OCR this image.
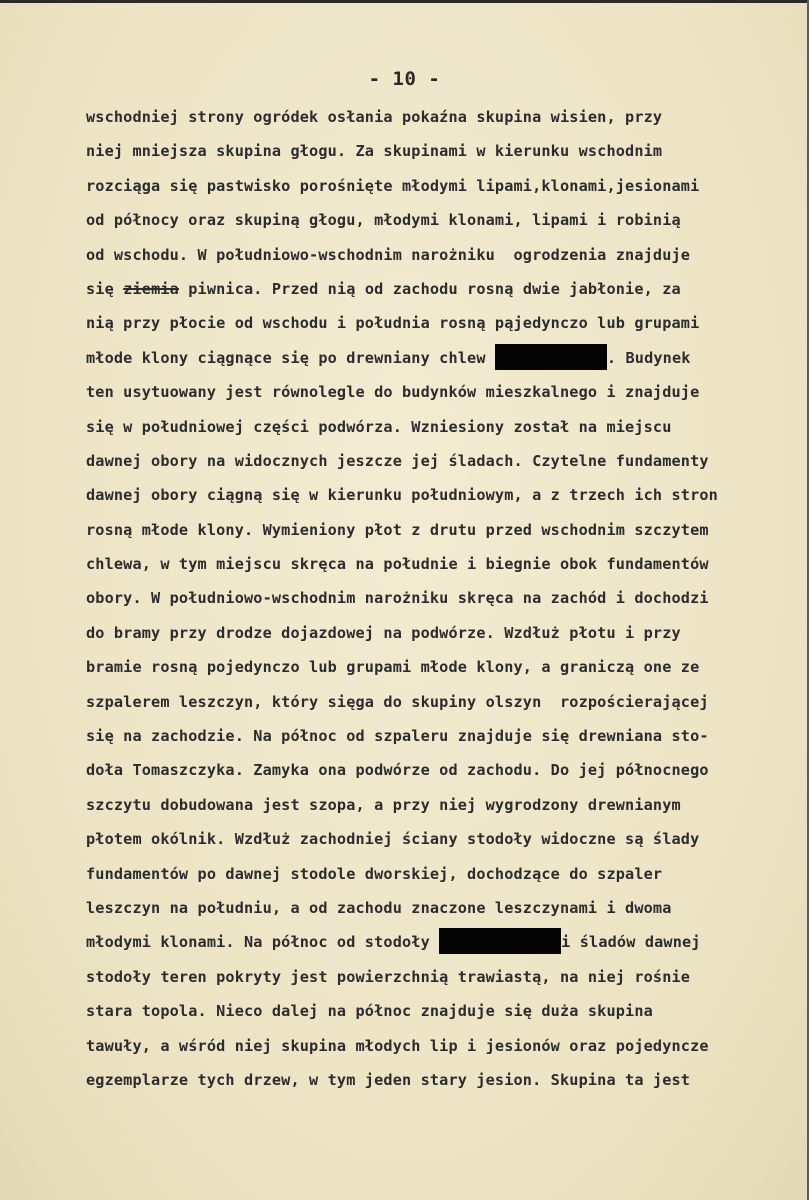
- 10 -
wschodniej strony ogródek osłania pokaźna skupina wisien, przy
niej mniejsza skupina głogu. Za skupinami w kierunku wschodnim
rozciąga się pastwisko porośnięte młodymi lipami,klonami,jesionami
od północy oraz skupiną głogu, młodymi klonami, lipami i robinią
od wschodu. W południowo-wschodnim narożniku  ogrodzenia znajduje
się ziemia piwnica. Przed nią od zachodu rosną dwie jabłonie, za
nią przy płocie od wschodu i południa rosną pąjedynczo lub grupami
młode klony ciągnące się po drewniany chlew	. Budynek
ten usytuowany jest równolegle do budynków mieszkalnego i znajduje
się w południowej części podwórza. Wzniesiony został na miejscu
dawnej obory na widocznych jeszcze jej śladach. Czytelne fundamenty
dawnej obory ciągną się w kierunku południowym, a z trzech ich stron
rosną młode klony. Wymieniony płot z drutu przed wschodnim szczytem
chlewa, w tym miejscu skręca na południe i biegnie obok fundamentów
obory. W południowo-wschodnim narożniku skręca na zachód i dochodzi
do bramy przy drodze dojazdowej na podwórze. Wzdłuż płotu i przy
bramie rosną pojedynczo lub grupami młode klony, a graniczą one ze
szpalerem leszczyn, który sięga do skupiny olszyn  rozpościerającej
się na zachodzie. Na północ od szpaleru znajduje się drewniana sto-
doła Tomaszczyka. Zamyka ona podwórze od zachodu. Do jej północnego
szczytu dobudowana jest szopa, a przy niej wygrodzony drewnianym
płotem okólnik. Wzdłuż zachodniej ściany stodoły widoczne są ślady
fundamentów po dawnej stodole dworskiej, dochodzące do szpaler
leszczyn na południu, a od zachodu znaczone leszczynami i dwoma
młodymi klonami. Na północ od stodoły	i śladów dawnej
stodoły teren pokryty jest powierzchnią trawiastą, na niej rośnie
stara topola. Nieco dalej na północ znajduje się duża skupina
tawuły, a wśród niej skupina młodych lip i jesionów oraz pojedyncze
egzemplarze tych drzew, w tym jeden stary jesion. Skupina ta jest
